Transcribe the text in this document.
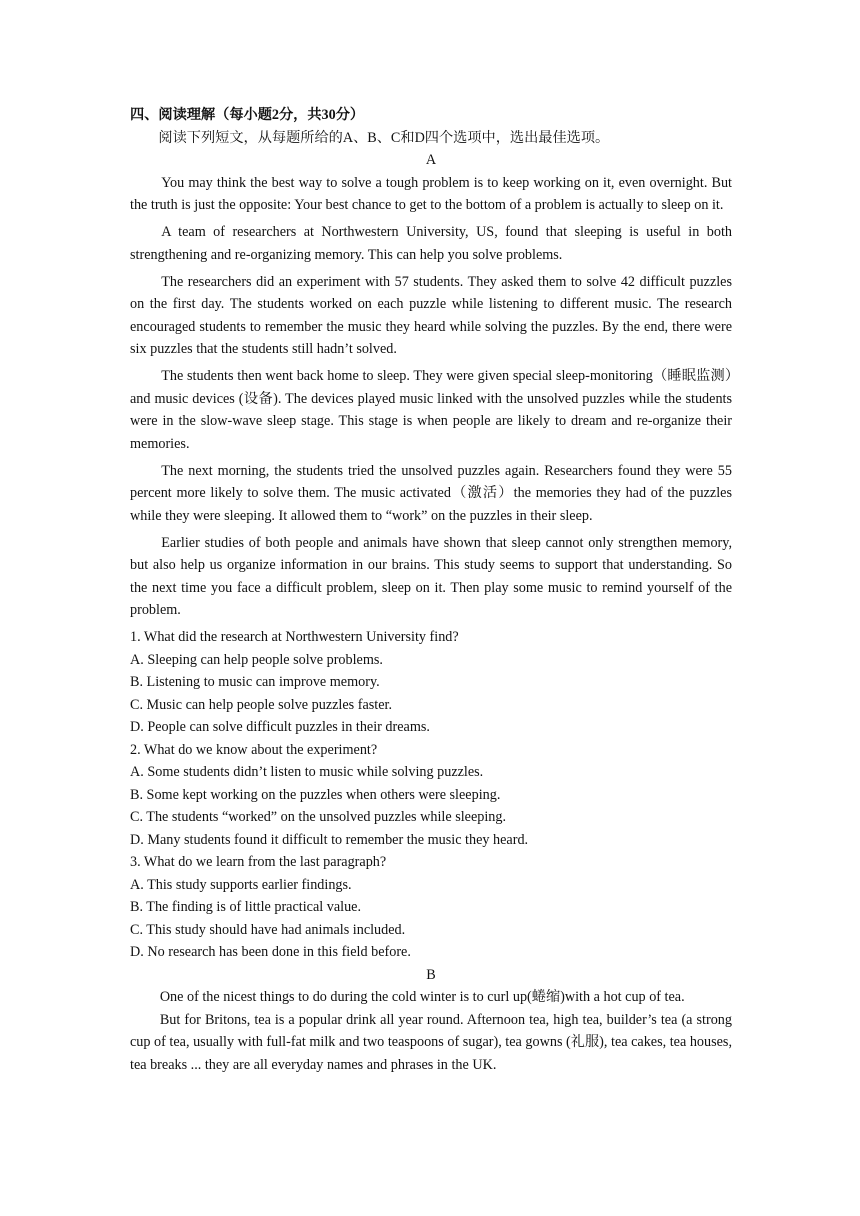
四、阅读理解（每小题2分，共30分）

阅读下列短文，从每题所给的A、B、C和D四个选项中，选出最佳选项。

A

You may think the best way to solve a tough problem is to keep working on it, even overnight. But the truth is just the opposite: Your best chance to get to the bottom of a problem is actually to sleep on it.

A team of researchers at Northwestern University, US, found that sleeping is useful in both strengthening and re-organizing memory. This can help you solve problems.

The researchers did an experiment with 57 students. They asked them to solve 42 difficult puzzles on the first day. The students worked on each puzzle while listening to different music. The research encouraged students to remember the music they heard while solving the puzzles. By the end, there were six puzzles that the students still hadn’t solved.

The students then went back home to sleep. They were given special sleep-monitoring（睡眠监测）and music devices (设备). The devices played music linked with the unsolved puzzles while the students were in the slow-wave sleep stage. This stage is when people are likely to dream and re-organize their memories.

The next morning, the students tried the unsolved puzzles again. Researchers found they were 55 percent more likely to solve them. The music activated（激活）the memories they had of the puzzles while they were sleeping. It allowed them to “work” on the puzzles in their sleep.

Earlier studies of both people and animals have shown that sleep cannot only strengthen memory, but also help us organize information in our brains. This study seems to support that understanding. So the next time you face a difficult problem, sleep on it. Then play some music to remind yourself of the problem.

1. What did the research at Northwestern University find?

A. Sleeping can help people solve problems.

B. Listening to music can improve memory.

C. Music can help people solve puzzles faster.

D. People can solve difficult puzzles in their dreams.

2. What do we know about the experiment?

A. Some students didn’t listen to music while solving puzzles.

B. Some kept working on the puzzles when others were sleeping.

C. The students “worked” on the unsolved puzzles while sleeping.

D. Many students found it difficult to remember the music they heard.

3. What do we learn from the last paragraph?

A. This study supports earlier findings.

B. The finding is of little practical value.

C. This study should have had animals included.

D. No research has been done in this field before.

B

One of the nicest things to do during the cold winter is to curl up(蜷缩)with a hot cup of tea.

But for Britons, tea is a popular drink all year round. Afternoon tea, high tea, builder’s tea (a strong cup of tea, usually with full-fat milk and two teaspoons of sugar), tea gowns (礼服), tea cakes, tea houses, tea breaks ... they are all everyday names and phrases in the UK.
